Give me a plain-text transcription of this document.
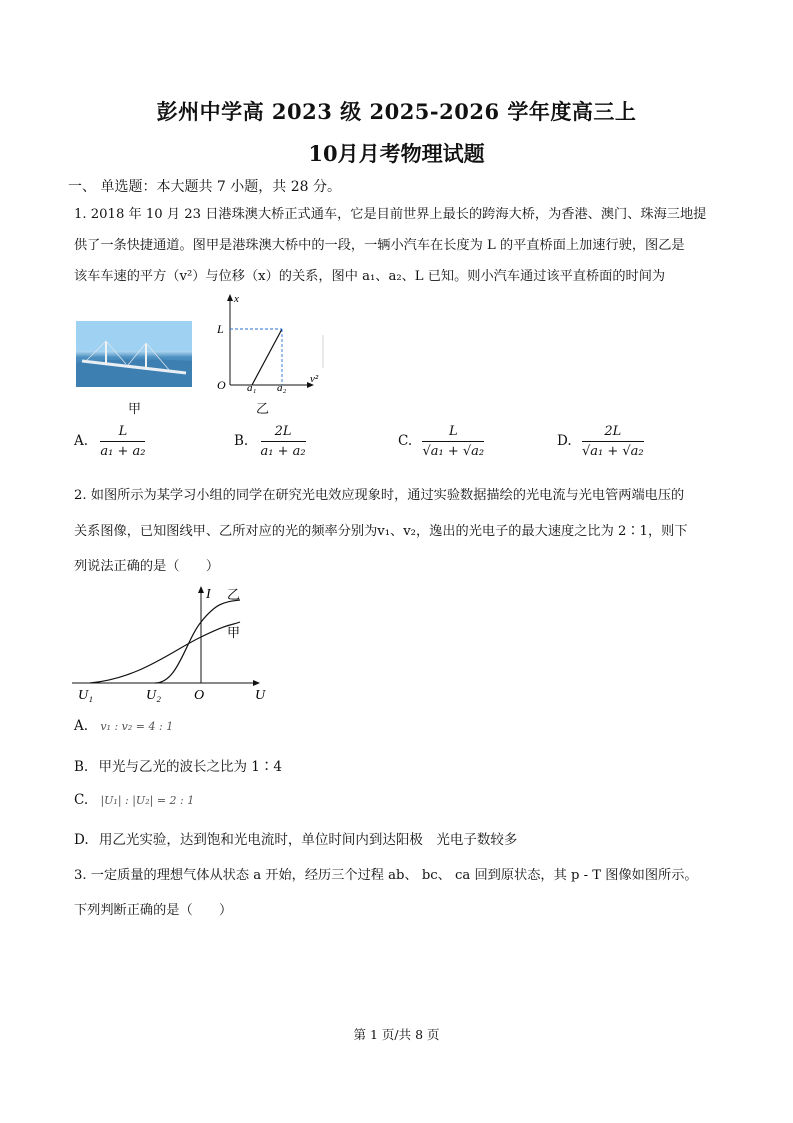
彭州中学高 2023 级 2025-2026 学年度高三上
10月月考物理试题
一、 单选题：本大题共 7 小题，共 28 分。
1. 2018 年 10 月 23 日港珠澳大桥正式通车，它是目前世界上最长的跨海大桥，为香港、澳门、珠海三地提
供了一条快捷通道。图甲是港珠澳大桥中的一段，一辆小汽车在长度为 L 的平直桥面上加速行驶，图乙是
该车车速的平方（v²）与位移（x）的关系，图中 a₁、a₂、L 已知。则小汽车通过该平直桥面的时间为
甲
x
v²
L
O a₁ a₂
乙
A. $\frac{L}{\text{a₁ + a₂}}$	B. $\frac{2L}{\text{a₁ + a₂}}$	C. $\frac{L}{\text{√a₁ + √a₂}}$	D. $\frac{2L}{\text{√a₁ + √a₂}}$
2. 如图所示为某学习小组的同学在研究光电效应现象时，通过实验数据描绘的光电流与光电管两端电压的
关系图像，已知图线甲、乙所对应的光的频率分别为v₁、v₂，逸出的光电子的最大速度之比为 2∶1，则下
列说法正确的是（　　）
I
U
O
U₁	U₂
乙
甲
A. v₁ : v₂ = 4 : 1
B. 甲光与乙光的波长之比为 1∶4
C. |U₁| : |U₂| = 2 : 1
D. 用乙光实验，达到饱和光电流时，单位时间内到达阳极　光电子数较多
3. 一定质量的理想气体从状态 a 开始，经历三个过程 ab、 bc、 ca 回到原状态，其 p - T 图像如图所示。
下列判断正确的是（　　）
第 1 页/共 8 页
